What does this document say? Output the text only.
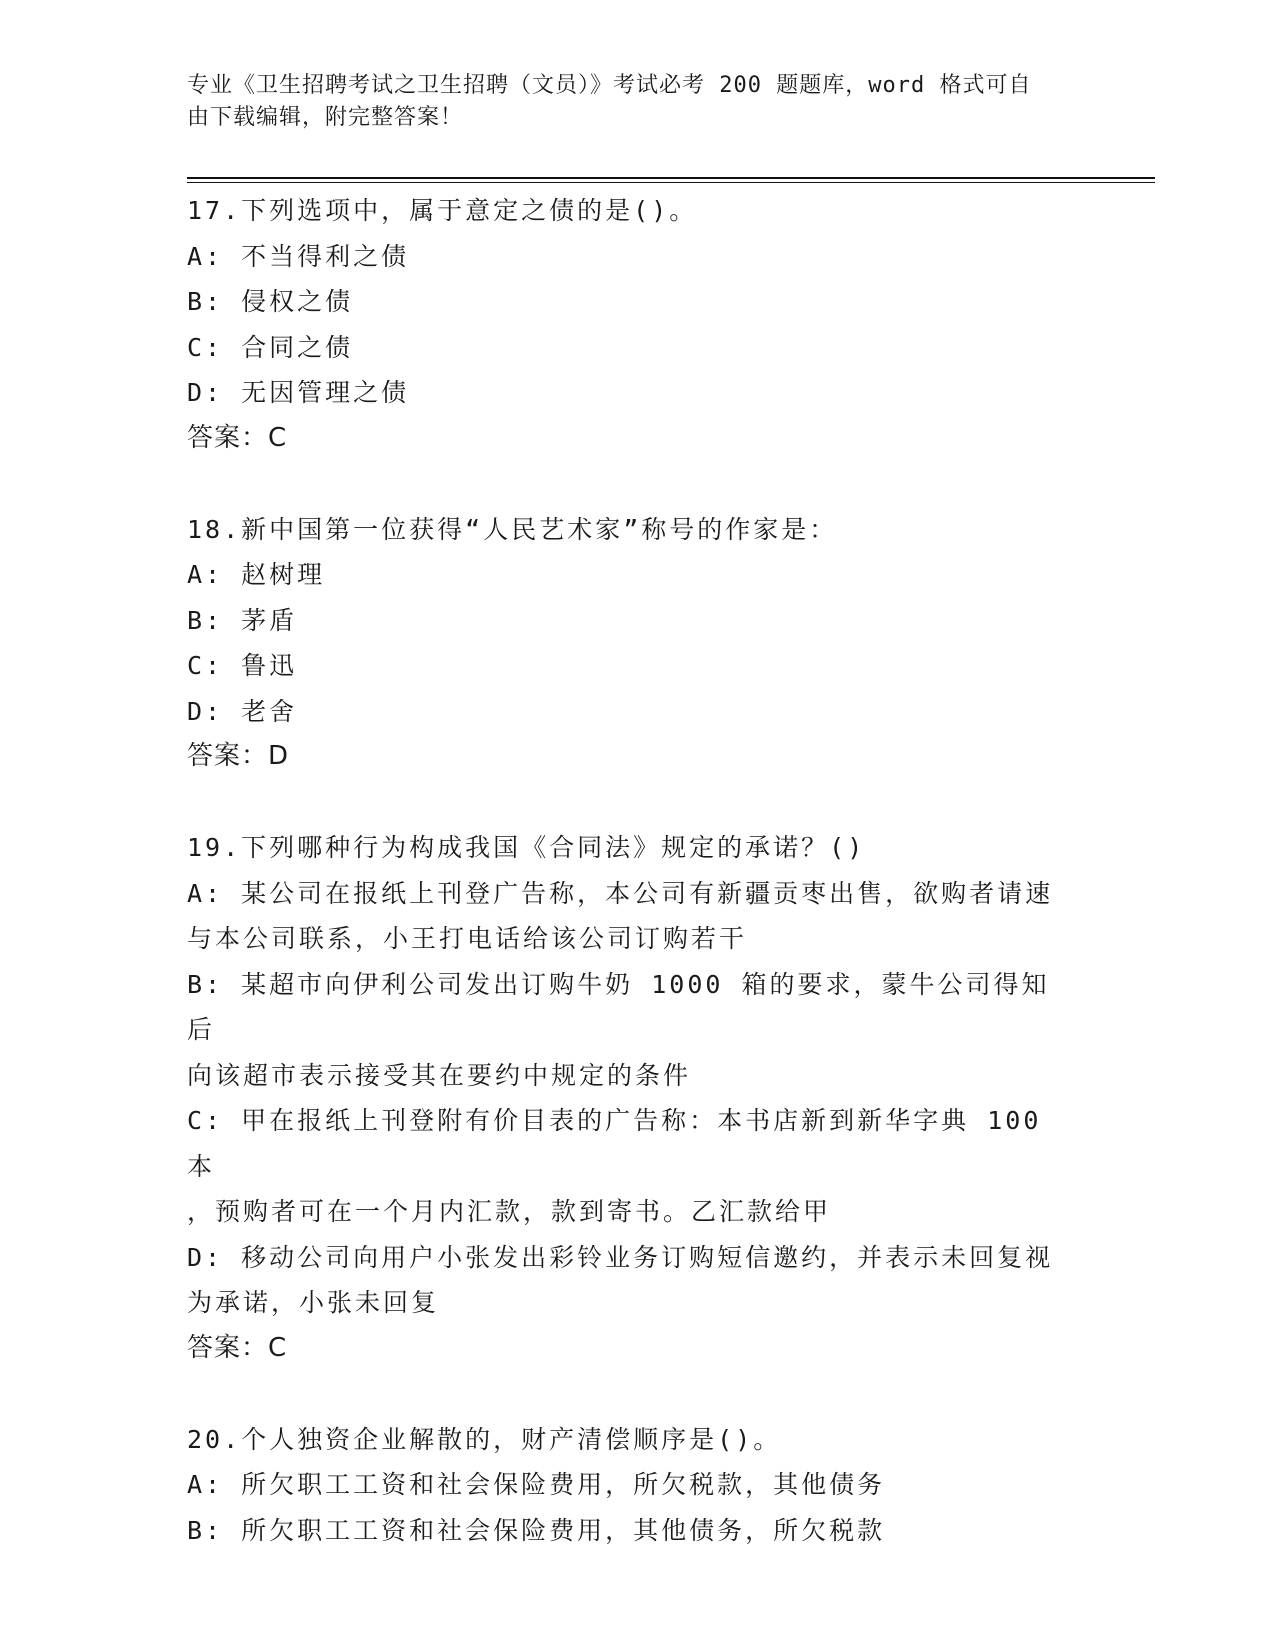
专业《卫生招聘考试之卫生招聘（文员）》考试必考 200 题题库，word 格式可自
由下载编辑，附完整答案！
17.下列选项中，属于意定之债的是()。
A: 不当得利之债
B: 侵权之债
C: 合同之债
D: 无因管理之债
答案：C
18.新中国第一位获得“人民艺术家”称号的作家是：
A: 赵树理
B: 茅盾
C: 鲁迅
D: 老舍
答案：D
19.下列哪种行为构成我国《合同法》规定的承诺？()
A: 某公司在报纸上刊登广告称，本公司有新疆贡枣出售，欲购者请速
与本公司联系，小王打电话给该公司订购若干
B: 某超市向伊利公司发出订购牛奶 1000 箱的要求，蒙牛公司得知后
向该超市表示接受其在要约中规定的条件
C: 甲在报纸上刊登附有价目表的广告称：本书店新到新华字典 100 本
，预购者可在一个月内汇款，款到寄书。乙汇款给甲
D: 移动公司向用户小张发出彩铃业务订购短信邀约，并表示未回复视
为承诺，小张未回复
答案：C
20.个人独资企业解散的，财产清偿顺序是()。
A: 所欠职工工资和社会保险费用，所欠税款，其他债务
B: 所欠职工工资和社会保险费用，其他债务，所欠税款
